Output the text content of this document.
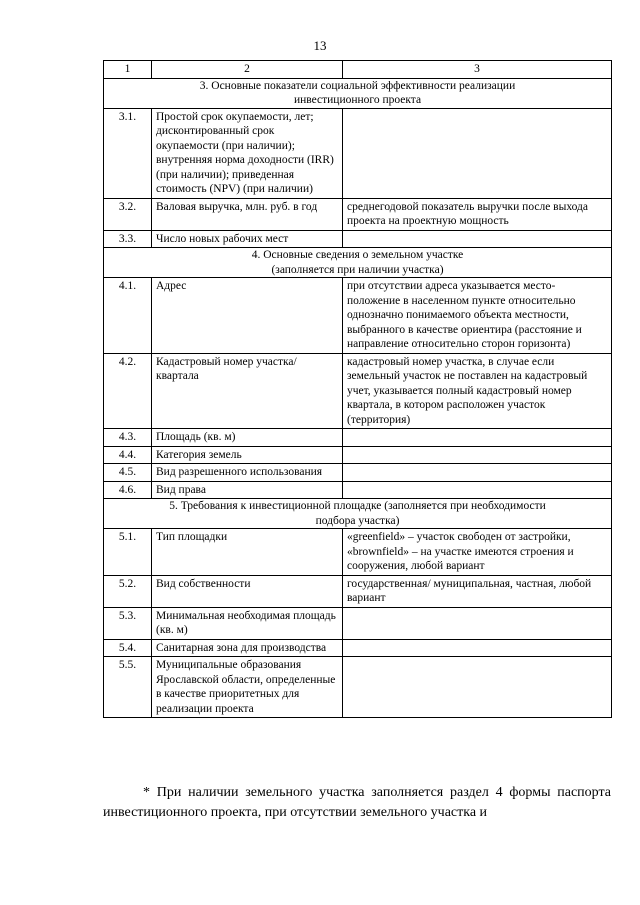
13
1	2	3

3. Основные показатели социальной эффективности реализации
инвестиционного проекта		

3.1.	Простой срок окупаемости, лет; дисконтированный срок окупаемости (при наличии); внутренняя норма доходности (IRR) (при наличии); приведенная стоимость (NPV) (при наличии)	
3.2.	Валовая выручка, млн. руб. в год	среднегодовой показатель выручки после выхода проекта на проектную мощность
3.3.	Число новых рабочих мест	

4. Основные сведения о земельном участке
(заполняется при наличии участка)		

4.1.	Адрес	при отсутствии адреса указывается место-положение в населенном пункте относительно однозначно понимаемого объекта местности, выбранного в качестве ориентира (расстояние и направление относительно сторон горизонта)
4.2.	Кадастровый номер участка/ квартала	кадастровый номер участка, в случае если земельный участок не поставлен на кадастровый учет, указывается полный кадастровый номер квартала, в котором расположен участок (территория)
4.3.	Площадь (кв. м)	
4.4.	Категория земель	
4.5.	Вид разрешенного использования	
4.6.	Вид права	

5. Требования к инвестиционной площадке (заполняется при необходимости
подбора участка)		

5.1.	Тип площадки	«greenfield» – участок свободен от застройки, «brownfield» – на участке имеются строения и сооружения, любой вариант
5.2.	Вид собственности	государственная/ муниципальная, частная, любой вариант
5.3.	Минимальная необходимая площадь (кв. м)	
5.4.	Санитарная зона для производства	
5.5.	Муниципальные образования Ярославской области, определенные в качестве приоритетных для реализации проекта	
* При наличии земельного участка заполняется раздел 4 формы паспорта инвестиционного проекта, при отсутствии земельного участка и
